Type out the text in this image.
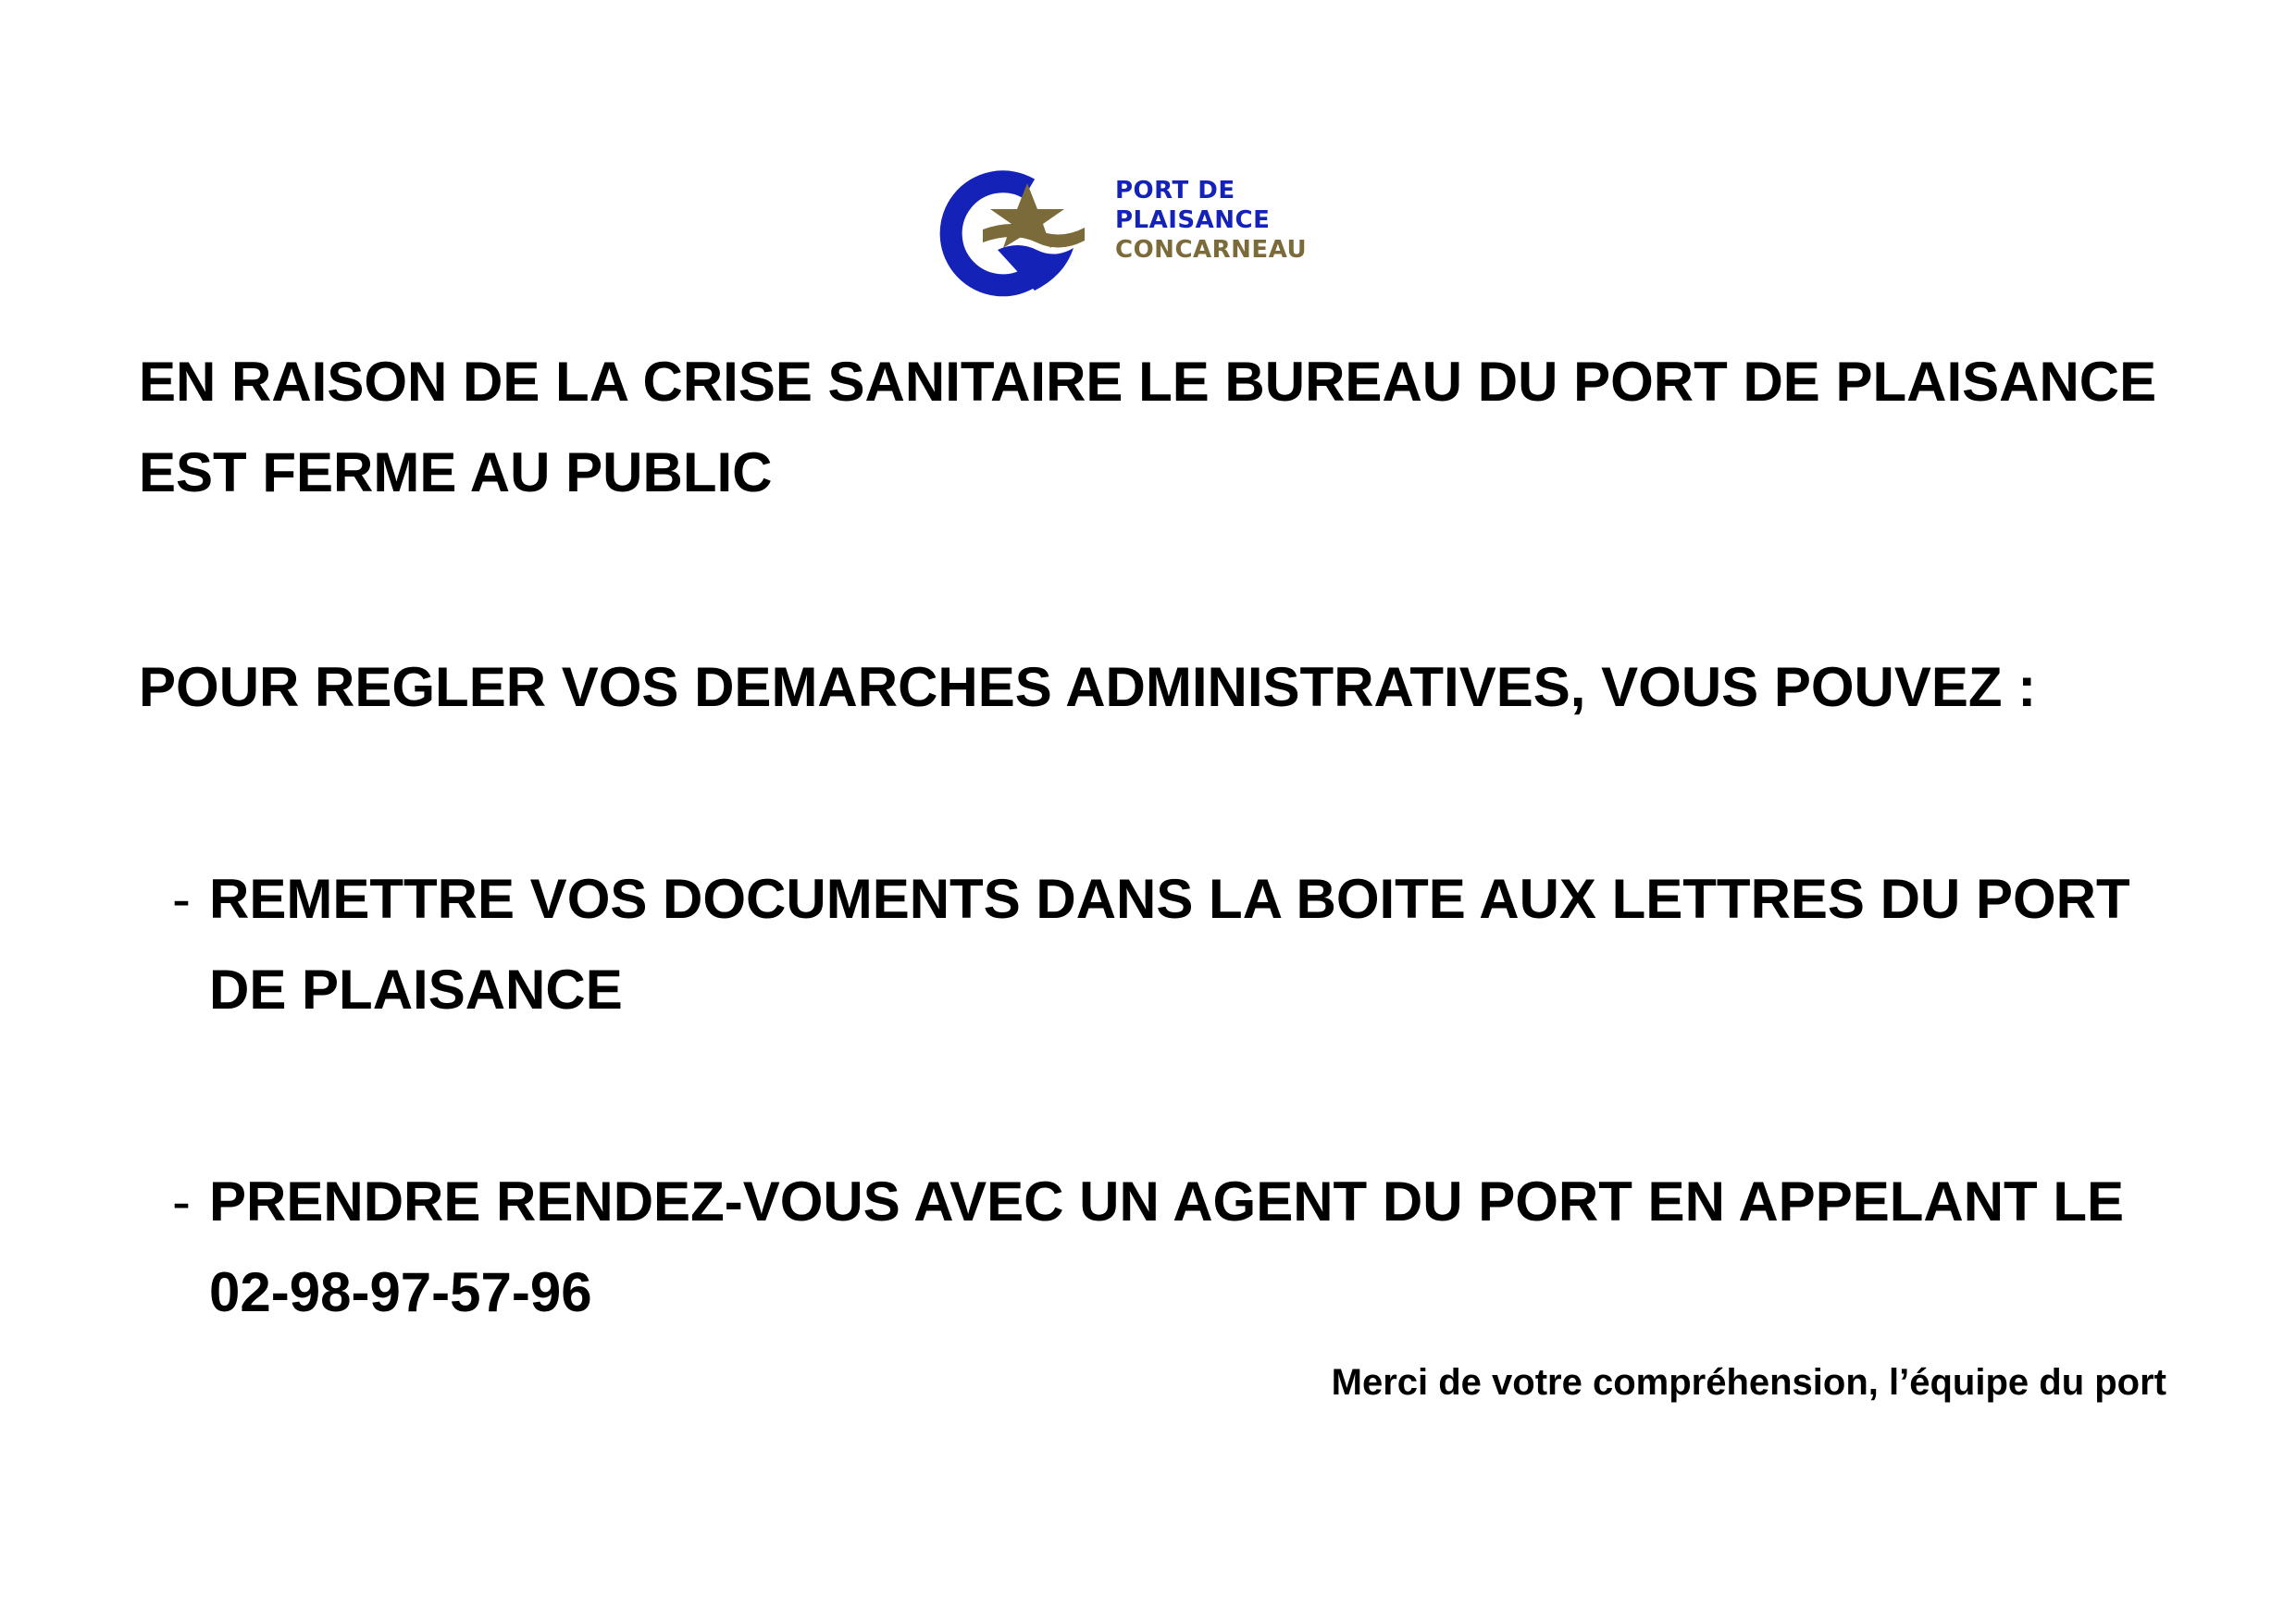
PORT DE
PLAISANCE
CONCARNEAU
EN RAISON DE LA CRISE SANITAIRE LE BUREAU DU PORT DE PLAISANCE
EST FERME AU PUBLIC
POUR REGLER VOS DEMARCHES ADMINISTRATIVES, VOUS POUVEZ :
- REMETTRE VOS DOCUMENTS DANS LA BOITE AUX LETTRES DU PORT
DE PLAISANCE
- PRENDRE RENDEZ-VOUS AVEC UN AGENT DU PORT EN APPELANT LE
02-98-97-57-96
Merci de votre compréhension, l’équipe du port
